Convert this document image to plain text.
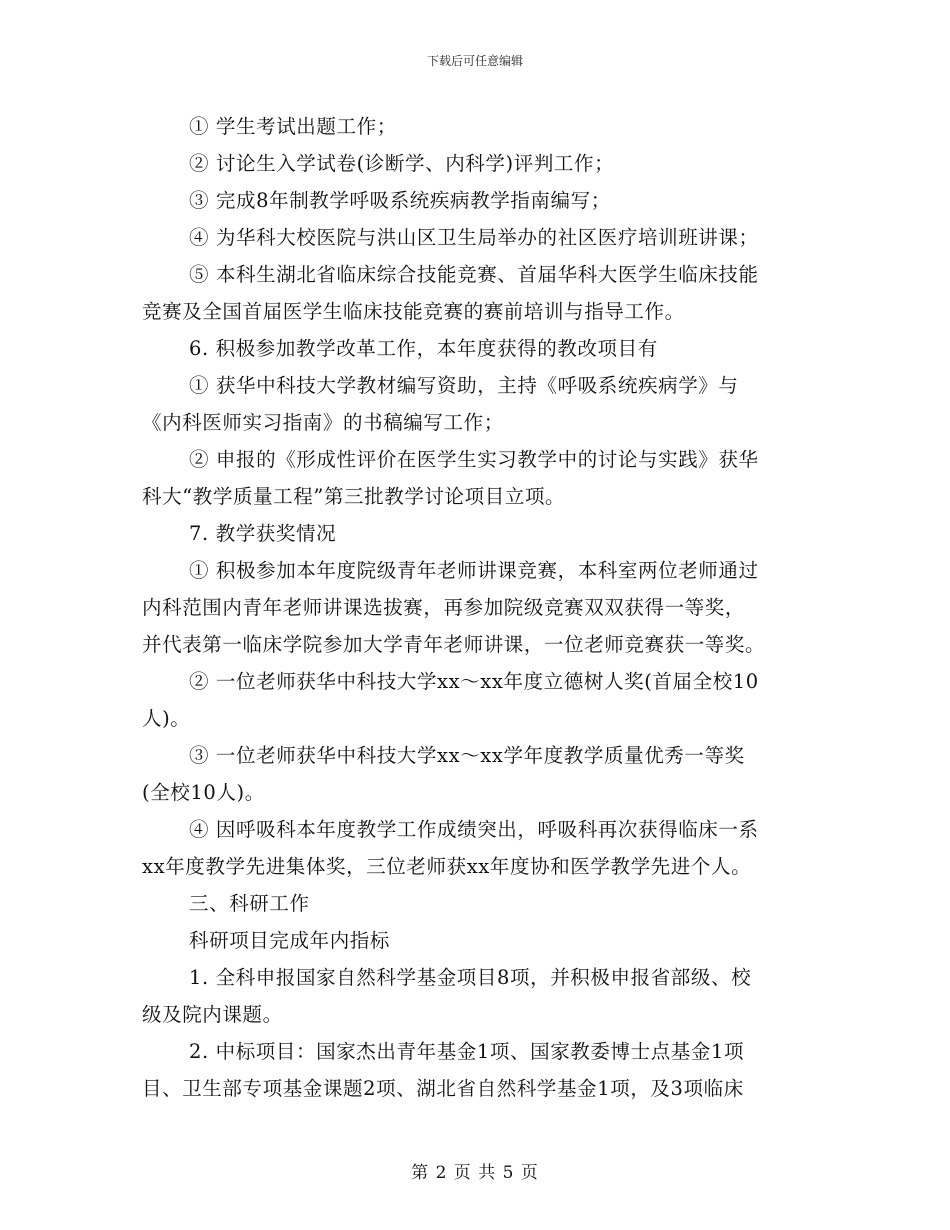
下载后可任意编辑
① 学生考试出题工作；
② 讨论生入学试卷(诊断学、内科学)评判工作；
③ 完成8年制教学呼吸系统疾病教学指南编写；
④ 为华科大校医院与洪山区卫生局举办的社区医疗培训班讲课；
⑤ 本科生湖北省临床综合技能竞赛、首届华科大医学生临床技能
竞赛及全国首届医学生临床技能竞赛的赛前培训与指导工作。
6. 积极参加教学改革工作，本年度获得的教改项目有
① 获华中科技大学教材编写资助，主持《呼吸系统疾病学》与
《内科医师实习指南》的书稿编写工作；
② 申报的《形成性评价在医学生实习教学中的讨论与实践》获华
科大“教学质量工程”第三批教学讨论项目立项。
7. 教学获奖情况
① 积极参加本年度院级青年老师讲课竞赛，本科室两位老师通过
内科范围内青年老师讲课选拔赛，再参加院级竞赛双双获得一等奖，
并代表第一临床学院参加大学青年老师讲课，一位老师竞赛获一等奖。
② 一位老师获华中科技大学xx～xx年度立德树人奖(首届全校10
人)。
③ 一位老师获华中科技大学xx～xx学年度教学质量优秀一等奖
(全校10人)。
④ 因呼吸科本年度教学工作成绩突出，呼吸科再次获得临床一系
xx年度教学先进集体奖，三位老师获xx年度协和医学教学先进个人。
三、科研工作
科研项目完成年内指标
1. 全科申报国家自然科学基金项目8项，并积极申报省部级、校
级及院内课题。
2. 中标项目：国家杰出青年基金1项、国家教委博士点基金1项
目、卫生部专项基金课题2项、湖北省自然科学基金1项，及3项临床
第 2 页 共 5 页
